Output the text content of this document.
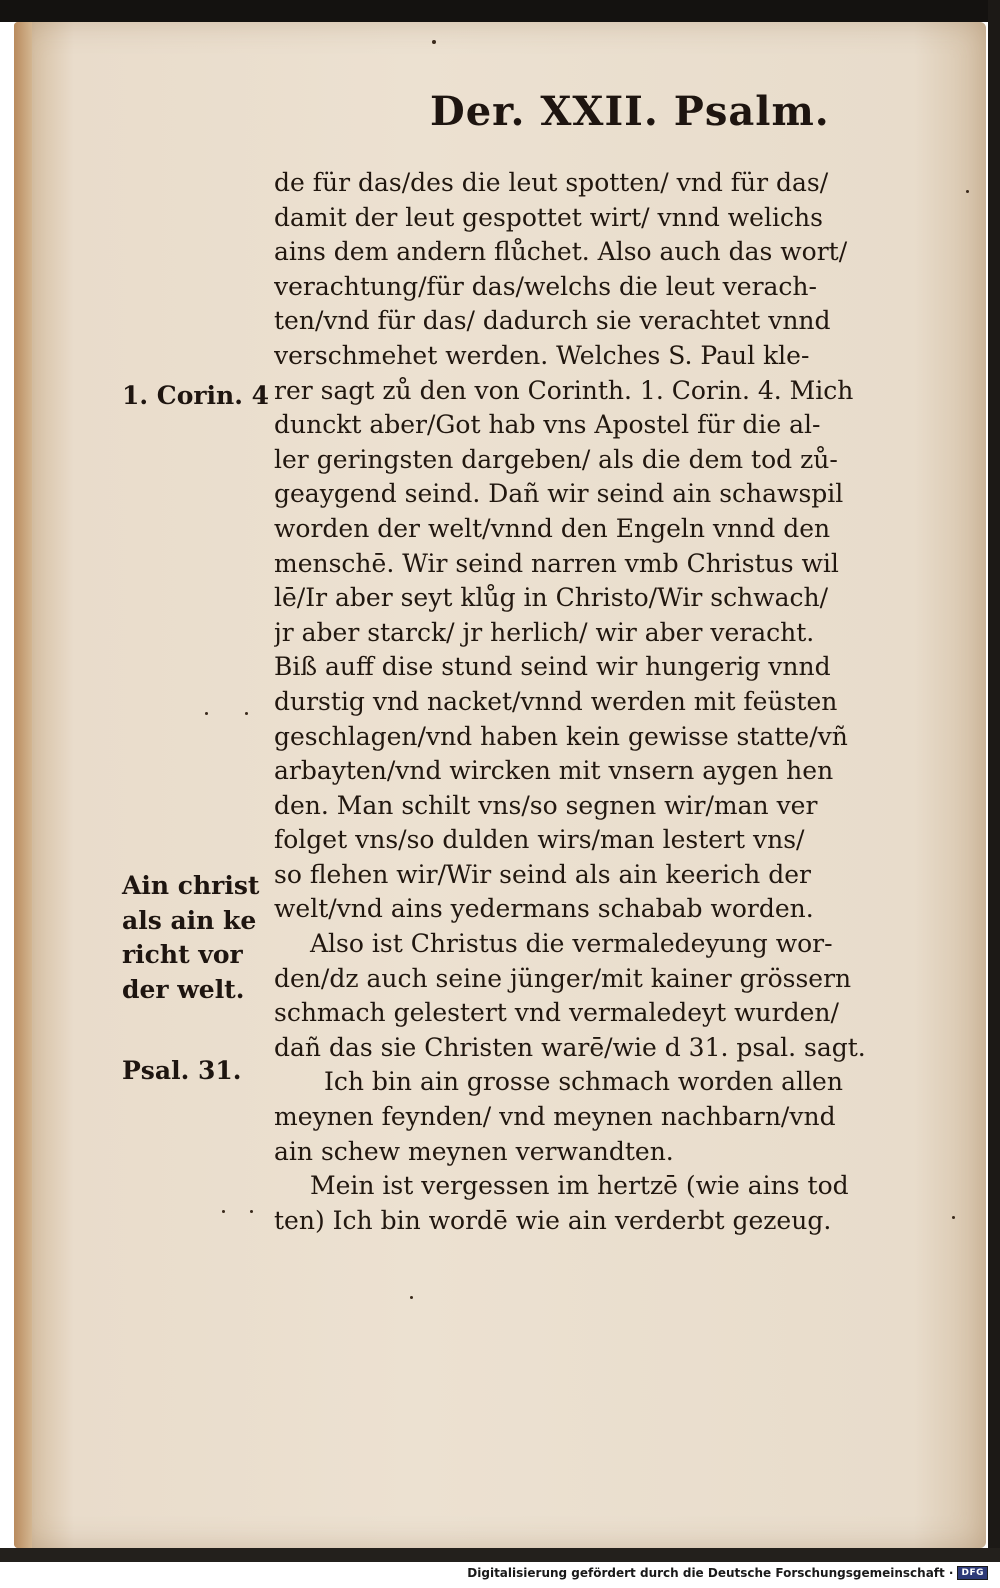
Der. XXII. Psalm.
de für das/des die leut spotten/ vnd für das/
damit der leut gespottet wirt/ vnnd welichs
ains dem andern flůchet. Also auch das wort/
verachtung/für das/welchs die leut verach-
ten/vnd für das/ dadurch sie verachtet vnnd
verschmehet werden. Welches S. Paul kle-
rer sagt zů den von Corinth. 1. Corin. 4. Mich
dunckt aber/Got hab vns Apostel für die al-
ler geringsten dargeben/ als die dem tod zů-
geaygend seind. Dañ wir seind ain schawspil
worden der welt/vnnd den Engeln vnnd den
menschē. Wir seind narren vmb Christus wil
lē/Ir aber seyt klůg in Christo/Wir schwach/
jr aber starck/ jr herlich/ wir aber veracht.
Biß auff dise stund seind wir hungerig vnnd
durstig vnd nacket/vnnd werden mit feüsten
geschlagen/vnd haben kein gewisse statte/vñ
arbayten/vnd wircken mit vnsern aygen hen
den. Man schilt vns/so segnen wir/man ver
folget vns/so dulden wirs/man lestert vns/
so flehen wir/Wir seind als ain keerich der
welt/vnd ains yedermans schabab worden.
Also ist Christus die vermaledeyung wor-
den/dz auch seine jünger/mit kainer grössern
schmach gelestert vnd vermaledeyt wurden/
dañ das sie Christen warē/wie d 31. psal. sagt.
Ich bin ain grosse schmach worden allen
meynen feynden/ vnd meynen nachbarn/vnd
ain schew meynen verwandten.
Mein ist vergessen im hertzē (wie ains tod
ten) Ich bin wordē wie ain verderbt gezeug.
1. Corin. 4
Ain christ
als ain ke
richt vor
der welt.
Psal. 31.
Digitalisierung gefördert durch die Deutsche Forschungsgemeinschaft · DFG
